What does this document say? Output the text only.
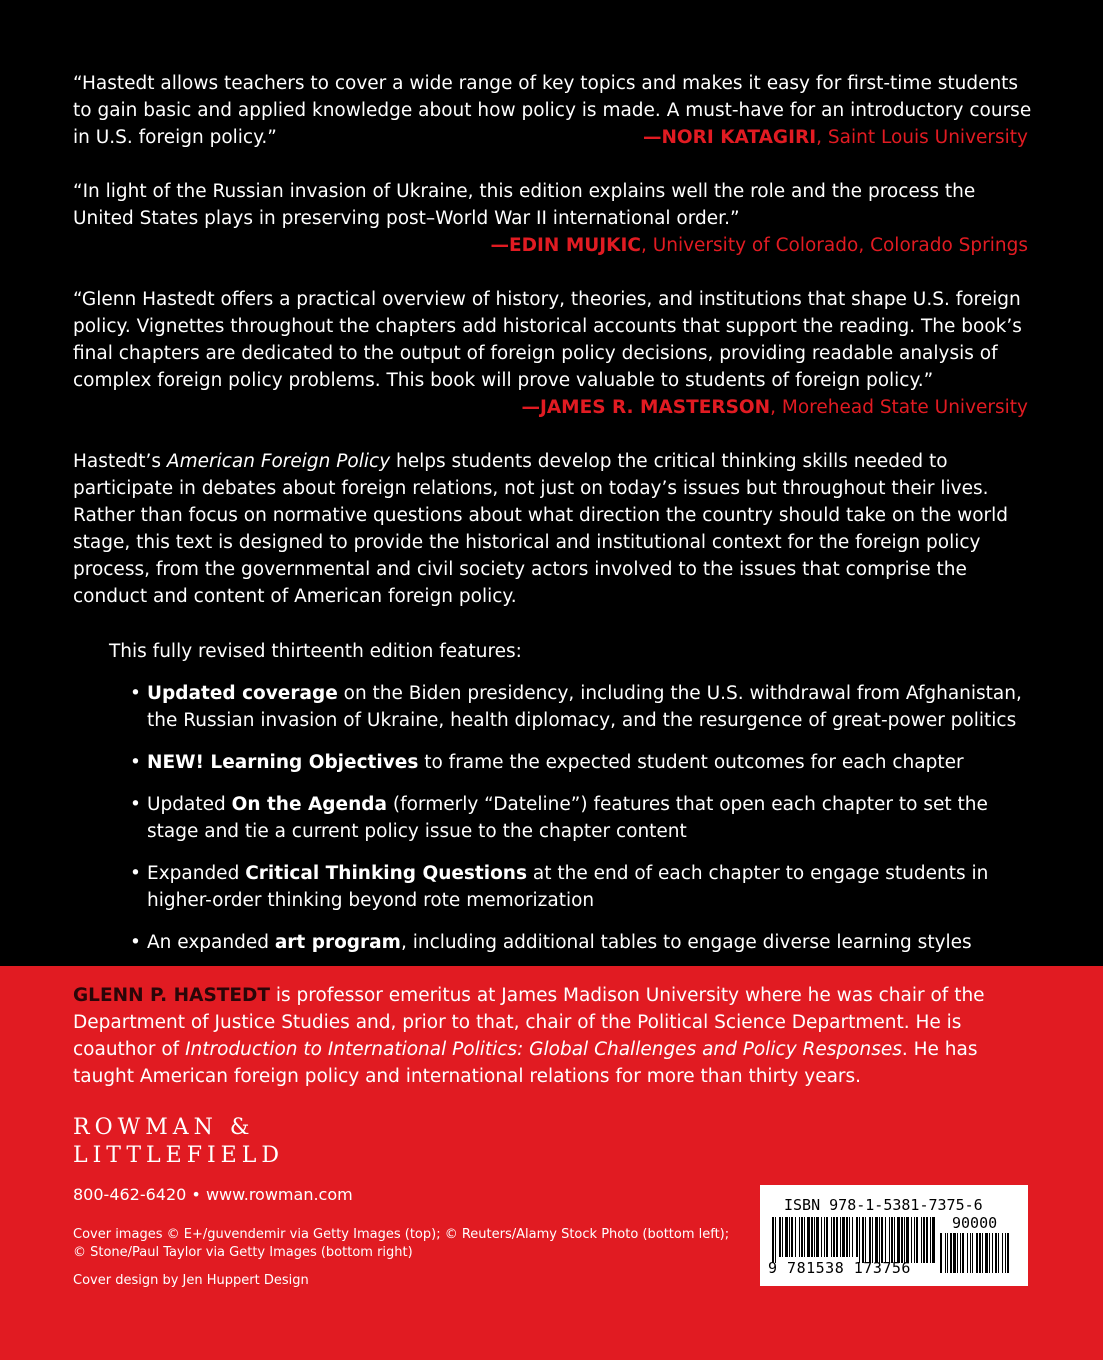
“Hastedt allows teachers to cover a wide range of key topics and makes it easy for first-time students to gain basic and applied knowledge about how policy is made. A must-have for an introductory course in U.S. foreign policy.”	—NORI KATAGIRI, Saint Louis University

“In light of the Russian invasion of Ukraine, this edition explains well the role and the process the United States plays in preserving post–World War II international order.”

—EDIN MUJKIC, University of Colorado, Colorado Springs

“Glenn Hastedt offers a practical overview of history, theories, and institutions that shape U.S. foreign policy. Vignettes throughout the chapters add historical accounts that support the reading. The book’s final chapters are dedicated to the output of foreign policy decisions, providing readable analysis of complex foreign policy problems. This book will prove valuable to students of foreign policy.”

—JAMES R. MASTERSON, Morehead State University

Hastedt’s American Foreign Policy helps students develop the critical thinking skills needed to participate in debates about foreign relations, not just on today’s issues but throughout their lives. Rather than focus on normative questions about what direction the country should take on the world stage, this text is designed to provide the historical and institutional context for the foreign policy process, from the governmental and civil society actors involved to the issues that comprise the conduct and content of American foreign policy.

This fully revised thirteenth edition features:
• Updated coverage on the Biden presidency, including the U.S. withdrawal from Afghanistan, the Russian invasion of Ukraine, health diplomacy, and the resurgence of great-power politics
• NEW! Learning Objectives to frame the expected student outcomes for each chapter
• Updated On the Agenda (formerly “Dateline”) features that open each chapter to set the stage and tie a current policy issue to the chapter content
• Expanded Critical Thinking Questions at the end of each chapter to engage students in higher-order thinking beyond rote memorization
• An expanded art program, including additional tables to engage diverse learning styles

GLENN P. HASTEDT is professor emeritus at James Madison University where he was chair of the Department of Justice Studies and, prior to that, chair of the Political Science Department. He is coauthor of Introduction to International Politics: Global Challenges and Policy Responses. He has taught American foreign policy and international relations for more than thirty years.

ROWMAN &
LITTLEFIELD
800-462-6420 • www.rowman.com
Cover images © E+/guvendemir via Getty Images (top); © Reuters/Alamy Stock Photo (bottom left); © Stone/Paul Taylor via Getty Images (bottom right)
Cover design by Jen Huppert Design
ISBN 978-1-5381-7375-6
90000
9 781538 173756
